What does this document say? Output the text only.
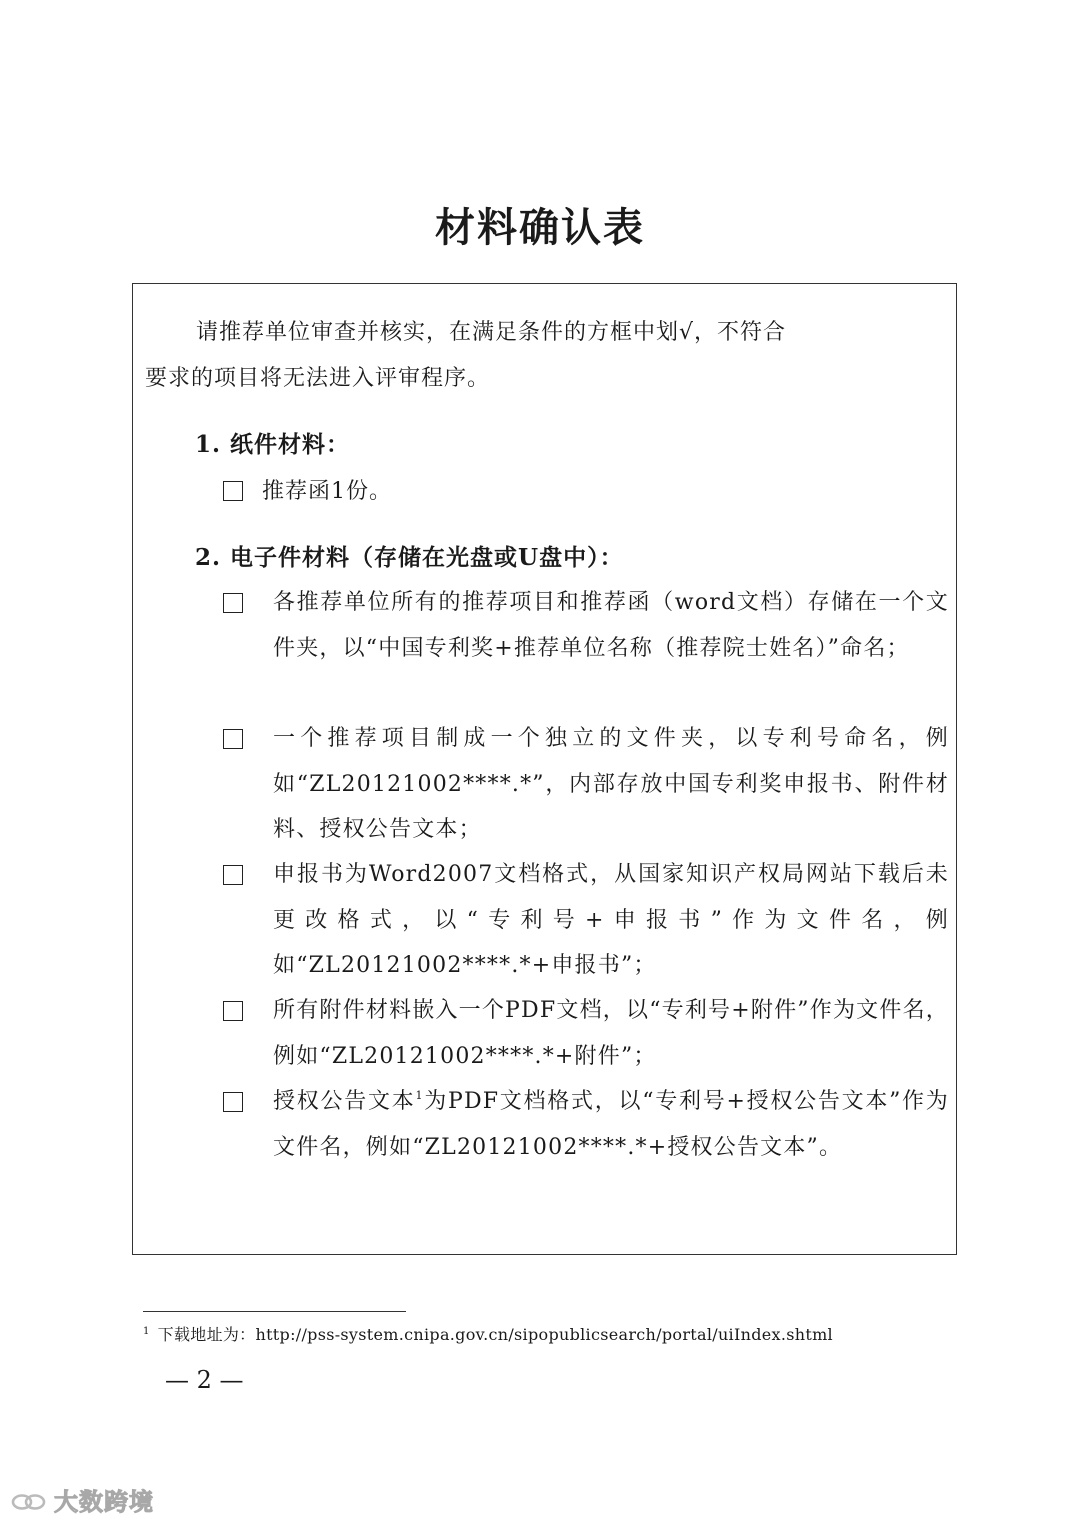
材料确认表
请推荐单位审查并核实，在满足条件的方框中划√，不符合
要求的项目将无法进入评审程序。
1. 纸件材料：
推荐函1份。
2. 电子件材料（存储在光盘或U盘中）：
各推荐单位所有的推荐项目和推荐函（word文档）存储在一个文件夹，以“中国专利奖+推荐单位名称（推荐院士姓名）”命名；
一个推荐项目制成一个独立的文件夹，以专利号命名，例如“ZL20121002****.*”，内部存放中国专利奖申报书、附件材料、授权公告文本；
申报书为Word2007文档格式，从国家知识产权局网站下载后未更改格式，以“专利号+申报书”作为文件名，例如“ZL20121002****.*+申报书”；
所有附件材料嵌入一个PDF文档，以“专利号+附件”作为文件名，例如“ZL20121002****.*+附件”；
授权公告文本$^1$为PDF文档格式，以“专利号+授权公告文本”作为文件名，例如“ZL20121002****.*+授权公告文本”。
$^1$ 下载地址为：http://pss-system.cnipa.gov.cn/sipopublicsearch/portal/uiIndex.shtml
— 2 —
大数跨境
